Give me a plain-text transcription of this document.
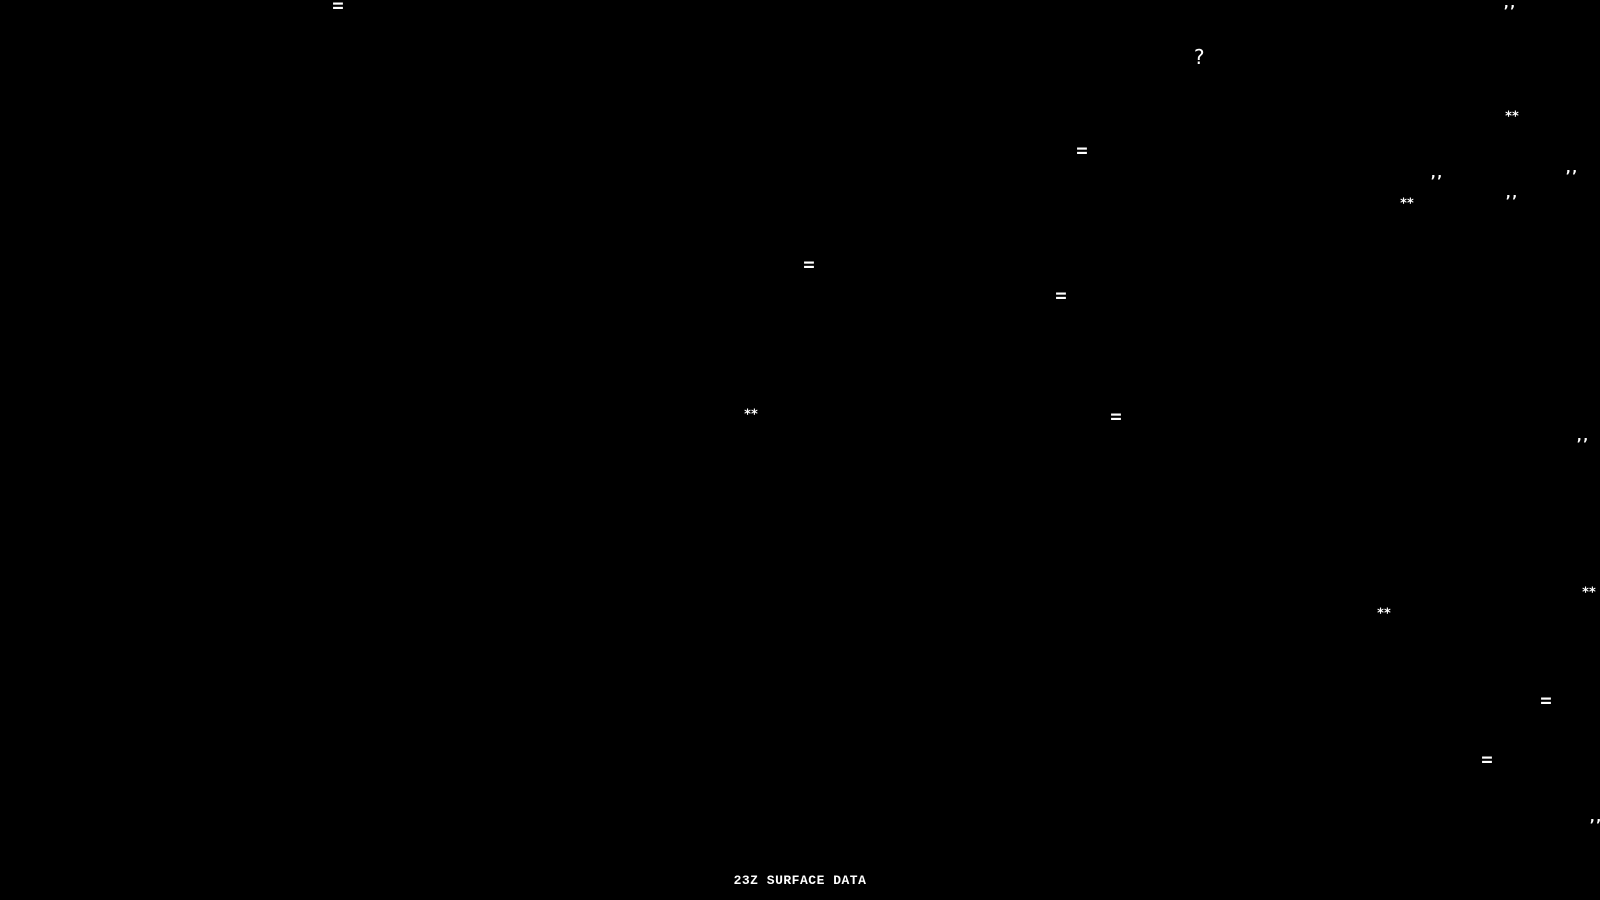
=	’’
?
**
=
’’
’’
’’
**
=
=
**	=
’’
**
**
=
=
’’
23Z SURFACE DATA
